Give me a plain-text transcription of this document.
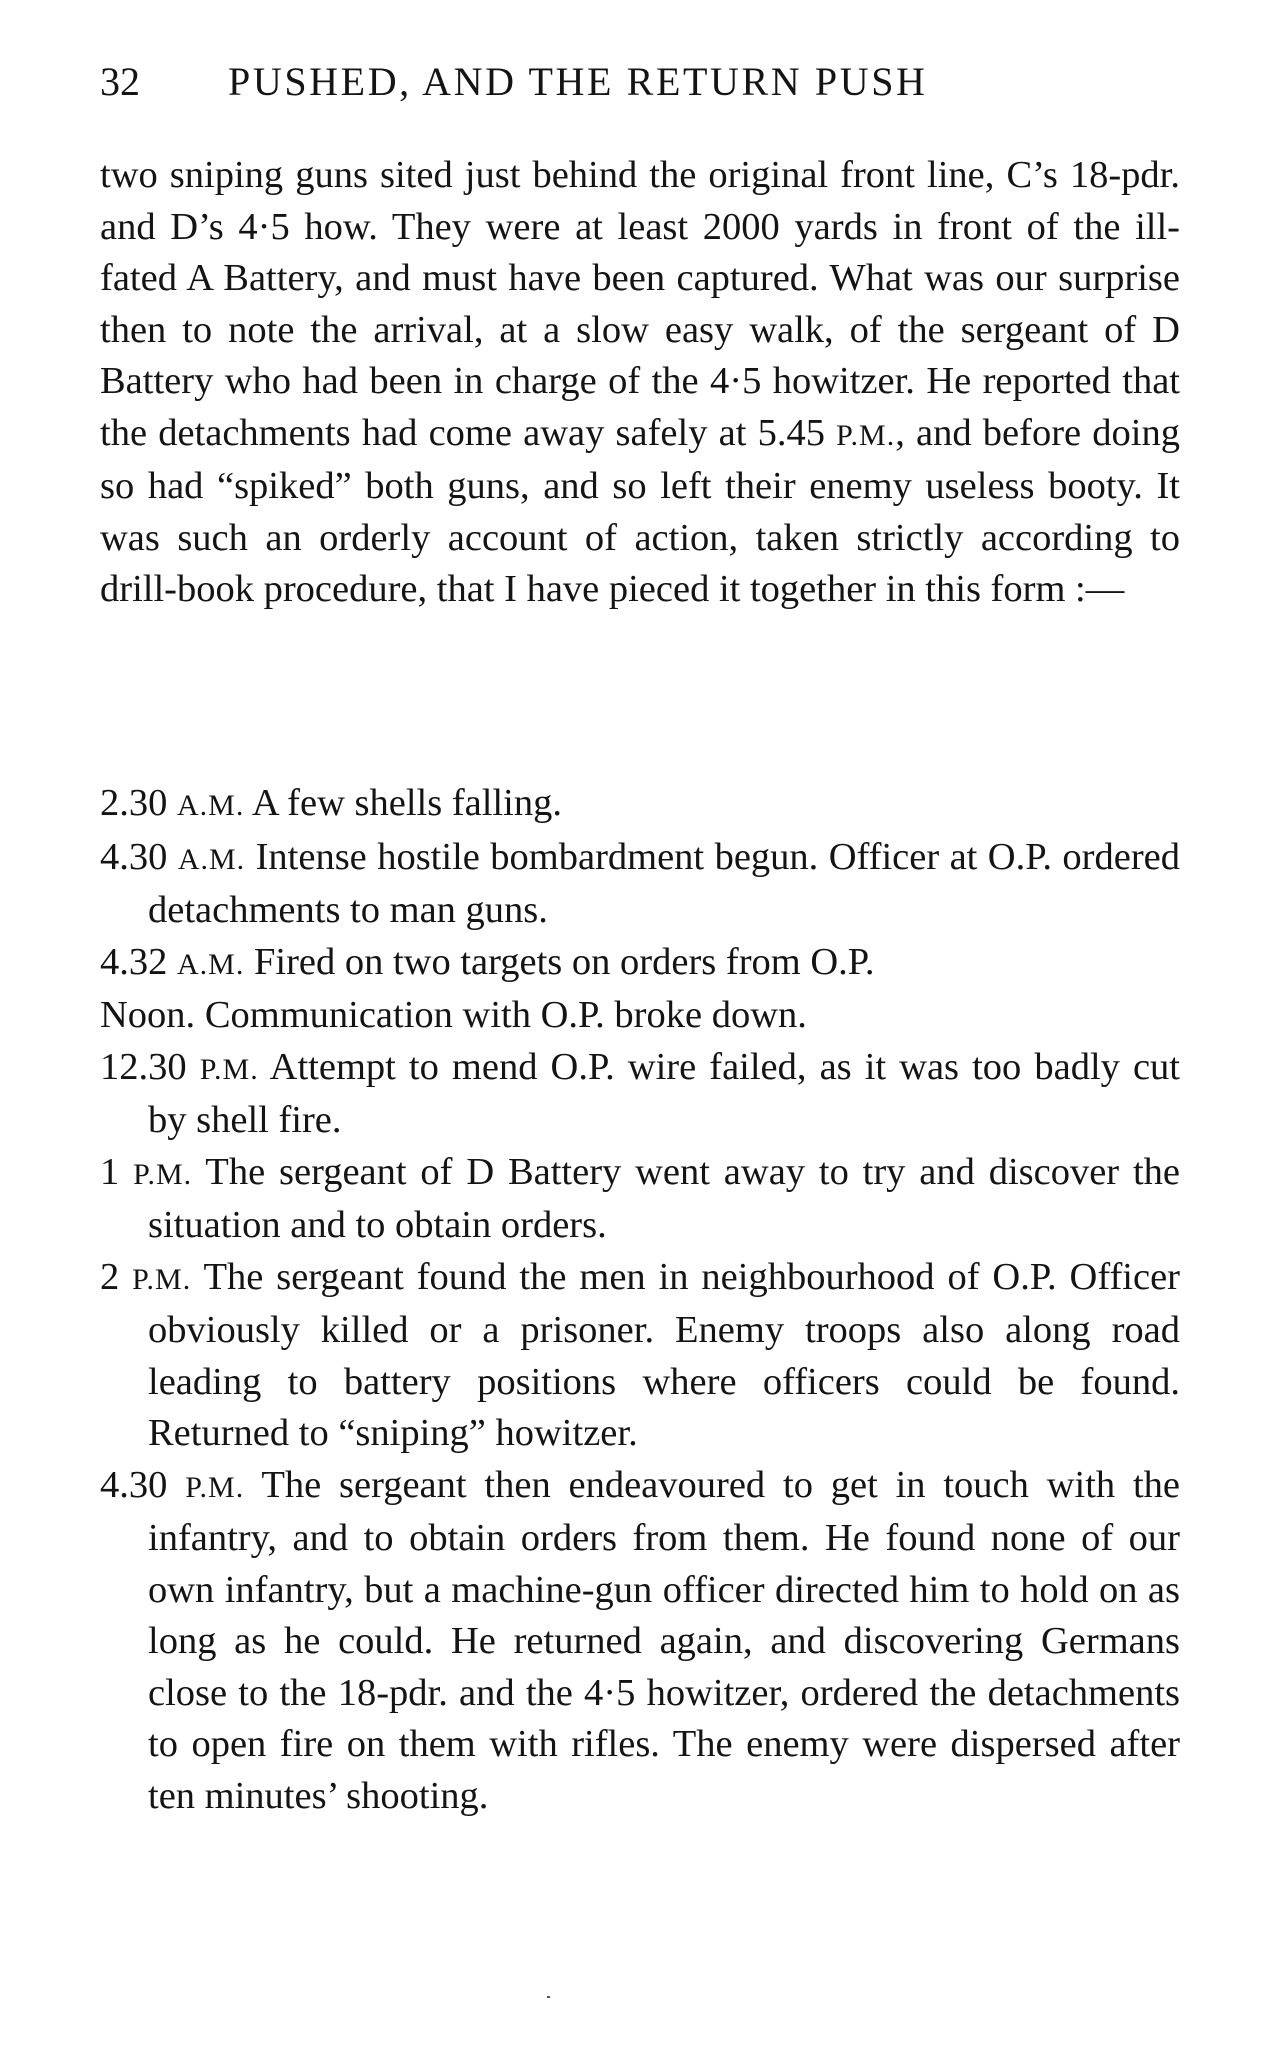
32 PUSHED, AND THE RETURN PUSH

two sniping guns sited just behind the original front line, C’s 18-pdr. and D’s 4·5 how. They were at least 2000 yards in front of the ill-fated A Battery, and must have been captured. What was our surprise then to note the arrival, at a slow easy walk, of the sergeant of D Battery who had been in charge of the 4·5 howitzer. He reported that the detachments had come away safely at 5.45 P.M., and before doing so had “spiked” both guns, and so left their enemy useless booty. It was such an orderly account of action, taken strictly according to drill-book procedure, that I have pieced it together in this form :—

2.30 A.M. A few shells falling.

4.30 A.M. Intense hostile bombardment begun. Officer at O.P. ordered detachments to man guns.

4.32 A.M. Fired on two targets on orders from O.P.

Noon. Communication with O.P. broke down.

12.30 P.M. Attempt to mend O.P. wire failed, as it was too badly cut by shell fire.

1 P.M. The sergeant of D Battery went away to try and discover the situation and to obtain orders.

2 P.M. The sergeant found the men in neighbourhood of O.P. Officer obviously killed or a prisoner. Enemy troops also along road leading to battery positions where officers could be found. Returned to “sniping” howitzer.

4.30 P.M. The sergeant then endeavoured to get in touch with the infantry, and to obtain orders from them. He found none of our own infantry, but a machine-gun officer directed him to hold on as long as he could. He returned again, and discovering Germans close to the 18-pdr. and the 4·5 howitzer, ordered the detachments to open fire on them with rifles. The enemy were dispersed after ten minutes’ shooting.
